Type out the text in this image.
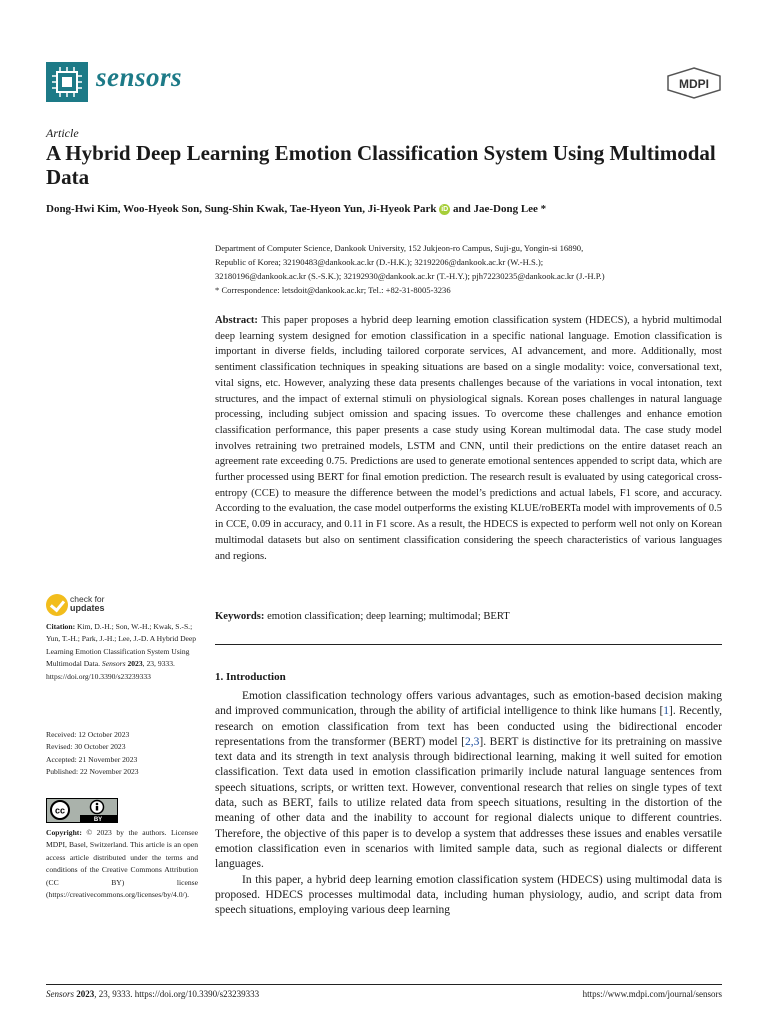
sensors	MDPI
Article
A Hybrid Deep Learning Emotion Classification System Using Multimodal Data
Dong-Hwi Kim, Woo-Hyeok Son, Sung-Shin Kwak, Tae-Hyeon Yun, Ji-Hyeok Park iD and Jae-Dong Lee *

Department of Computer Science, Dankook University, 152 Jukjeon-ro Campus, Suji-gu, Yongin-si 16890,

Republic of Korea; 32190483@dankook.ac.kr (D.-H.K.); 32192206@dankook.ac.kr (W.-H.S.);

32180196@dankook.ac.kr (S.-S.K.); 32192930@dankook.ac.kr (T.-H.Y.); pjh72230235@dankook.ac.kr (J.-H.P.)

* Correspondence: letsdoit@dankook.ac.kr; Tel.: +82-31-8005-3236

Abstract: This paper proposes a hybrid deep learning emotion classification system (HDECS), a hybrid multimodal deep learning system designed for emotion classification in a specific national language. Emotion classification is important in diverse fields, including tailored corporate services, AI advancement, and more. Additionally, most sentiment classification techniques in speaking situations are based on a single modality: voice, conversational text, vital signs, etc. However, analyzing these data presents challenges because of the variations in vocal intonation, text structures, and the impact of external stimuli on physiological signals. Korean poses challenges in natural language processing, including subject omission and spacing issues. To overcome these challenges and enhance emotion classification performance, this paper presents a case study using Korean multimodal data. The case study model involves retraining two pretrained models, LSTM and CNN, until their predictions on the entire dataset reach an agreement rate exceeding 0.75. Predictions are used to generate emotional sentences appended to script data, which are further processed using BERT for final emotion prediction. The research result is evaluated by using categorical cross-entropy (CCE) to measure the difference between the model’s predictions and actual labels, F1 score, and accuracy. According to the evaluation, the case model outperforms the existing KLUE/roBERTa model with improvements of 0.5 in CCE, 0.09 in accuracy, and 0.11 in F1 score. As a result, the HDECS is expected to perform well not only on Korean multimodal datasets but also on sentiment classification considering the speech characteristics of various languages and regions.
Keywords: emotion classification; deep learning; multimodal; BERT
1. Introduction

Emotion classification technology offers various advantages, such as emotion-based decision making and improved communication, through the ability of artificial intelligence to think like humans [1]. Recently, research on emotion classification from text has been conducted using the bidirectional encoder representations from the transformer (BERT) model [2,3]. BERT is distinctive for its pretraining on massive text data and its strength in text analysis through bidirectional learning, making it well suited for emotion classification. Text data used in emotion classification primarily include natural language sentences from speech situations, scripts, or written text. However, conventional research that relies on single types of text data, such as BERT, fails to utilize related data from speech situations, resulting in the distortion of the meaning of other data and the inability to account for regional dialects unique to different countries. Therefore, the objective of this paper is to develop a system that addresses these issues and enables versatile emotion classification even in scenarios with limited sample data, such as regional dialects or different languages.

In this paper, a hybrid deep learning emotion classification system (HDECS) using multimodal data is proposed. HDECS processes multimodal data, including human physiology, audio, and script data from speech situations, employing various deep learning

check for
updates
Citation: Kim, D.-H.; Son, W.-H.; Kwak, S.-S.; Yun, T.-H.; Park, J.-H.; Lee, J.-D. A Hybrid Deep Learning Emotion Classification System Using Multimodal Data. Sensors 2023, 23, 9333. https://doi.org/10.3390/s23239333
Received: 12 October 2023
Revised: 30 October 2023
Accepted: 21 November 2023
Published: 22 November 2023
cc
BY
Copyright: © 2023 by the authors. Licensee MDPI, Basel, Switzerland. This article is an open access article distributed under the terms and conditions of the Creative Commons Attribution (CC BY) license (https://creativecommons.org/licenses/by/4.0/).
Sensors 2023, 23, 9333. https://doi.org/10.3390/s23239333	https://www.mdpi.com/journal/sensors
